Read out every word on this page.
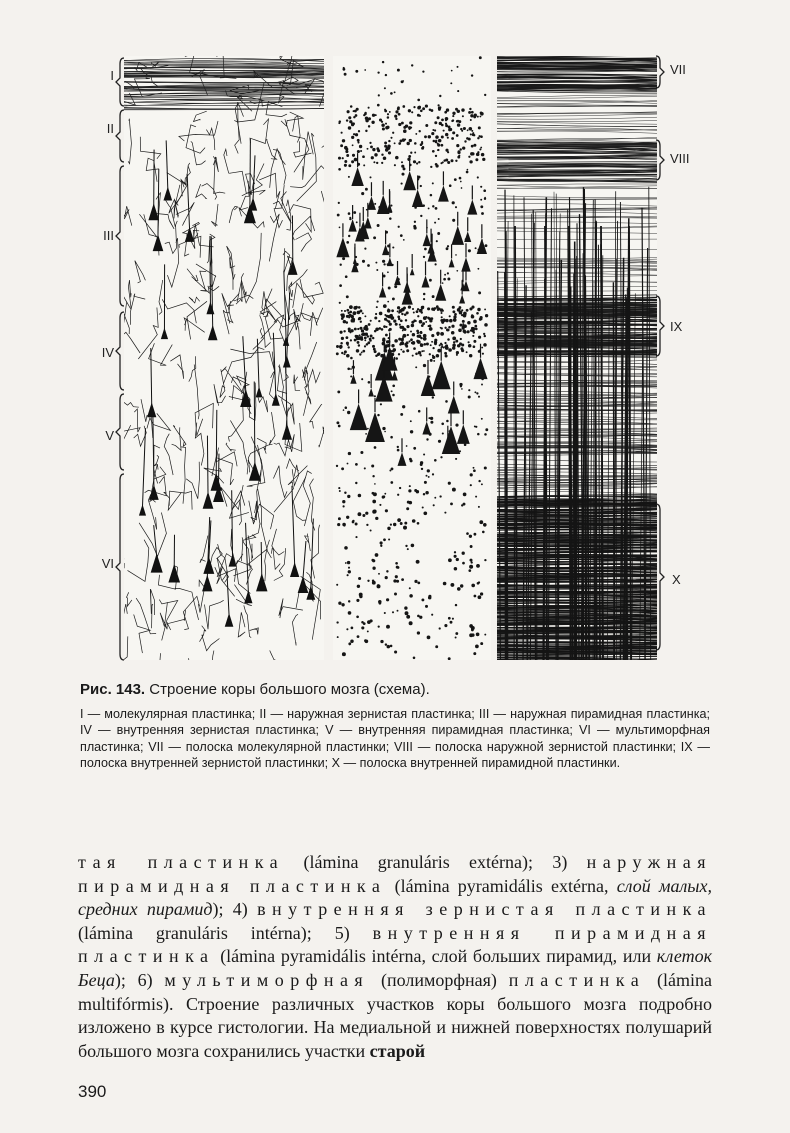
I
II
III
IV
V
VI
VII
VIII
IX
X
Рис. 143. Строение коры большого мозга (схема).
I — молекулярная пластинка; II — наружная зернистая пластинка; III — наружная пирамидная пластинка; IV — внутренняя зернистая пластинка; V — внутренняя пирамидная пластинка; VI — мультиморфная пластинка; VII — полоска молекулярной пластинки; VIII — полоска наружной зернистой пластинки; IX — полоска внутренней зернистой пластинки; X — полоска внутренней пирамидной пластинки.

тая пластинка (lámina granuláris extérna); 3) наружная пирамидная пластинка (lámina pyramidális extérna, слой малых, средних пирамид); 4) внутренняя зернистая пластинка (lámina granuláris intérna); 5) внутренняя пирамидная пластинка (lámina pyramidális intérna, слой больших пирамид, или клеток Беца); 6) мультиморфная (полиморфная) пластинка (lámina multifórmis). Строение различных участков коры большого мозга подробно изложено в курсе гистологии. На медиальной и нижней поверхностях полушарий большого мозга сохранились участки старой

390
